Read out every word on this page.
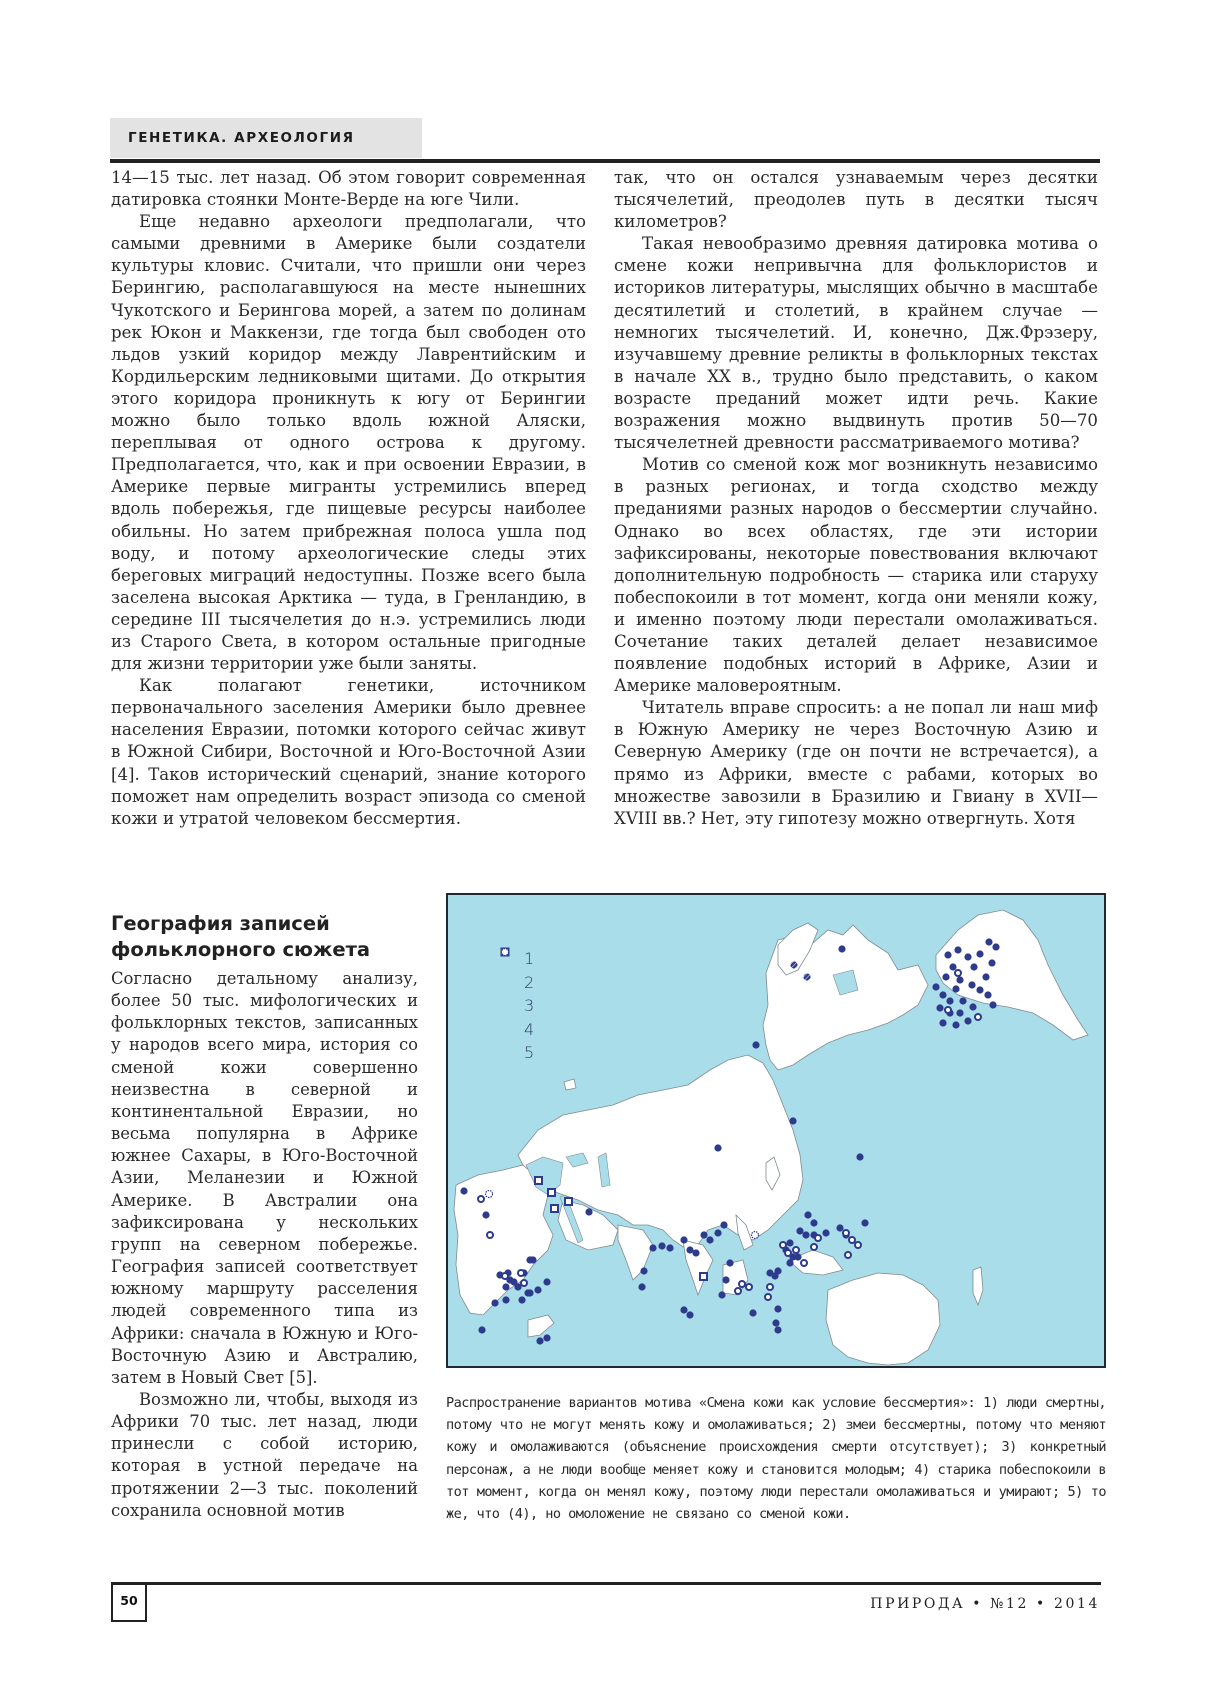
ГЕНЕТИКА. АРХЕОЛОГИЯ

14—15 тыс. лет назад. Об этом говорит современная датировка стоянки Монте-Верде на юге Чили.

Еще недавно археологи предполагали, что самыми древними в Америке были создатели культуры кловис. Считали, что пришли они через Берингию, располагавшуюся на месте нынешних Чукотского и Берингова морей, а затем по долинам рек Юкон и Маккензи, где тогда был свободен ото льдов узкий коридор между Лаврентийским и Кордильерским ледниковыми щитами. До открытия этого коридора проникнуть к югу от Берингии можно было только вдоль южной Аляски, переплывая от одного острова к другому. Предполагается, что, как и при освоении Евразии, в Америке первые мигранты устремились вперед вдоль побережья, где пищевые ресурсы наиболее обильны. Но затем прибрежная полоса ушла под воду, и потому археологические следы этих береговых миграций недоступны. Позже всего была заселена высокая Арктика — туда, в Гренландию, в середине III тысячелетия до н.э. устремились люди из Старого Света, в котором остальные пригодные для жизни территории уже были заняты.

Как полагают генетики, источником первоначального заселения Америки было древнее населения Евразии, потомки которого сейчас живут в Южной Сибири, Восточной и Юго-Восточной Азии [4]. Таков исторический сценарий, знание которого поможет нам определить возраст эпизода со сменой кожи и утратой человеком бессмертия.

так, что он остался узнаваемым через десятки тысячелетий, преодолев путь в десятки тысяч километров?

Такая невообразимо древняя датировка мотива о смене кожи непривычна для фольклористов и историков литературы, мыслящих обычно в масштабе десятилетий и столетий, в крайнем случае — немногих тысячелетий. И, конечно, Дж.Фрэзеру, изучавшему древние реликты в фольклорных текстах в начале XX в., трудно было представить, о каком возрасте преданий может идти речь. Какие возражения можно выдвинуть против 50—70 тысячелетней древности рассматриваемого мотива?

Мотив со сменой кож мог возникнуть независимо в разных регионах, и тогда сходство между преданиями разных народов о бессмертии случайно. Однако во всех областях, где эти истории зафиксированы, некоторые повествования включают дополнительную подробность — старика или старуху побеспокоили в тот момент, когда они меняли кожу, и именно поэтому люди перестали омолаживаться. Сочетание таких деталей делает независимое появление подобных историй в Африке, Азии и Америке маловероятным.

Читатель вправе спросить: а не попал ли наш миф в Южную Америку не через Восточную Азию и Северную Америку (где он почти не встречается), а прямо из Африки, вместе с рабами, которых во множестве завозили в Бразилию и Гвиану в XVII—XVIII вв.? Нет, эту гипотезу можно отвергнуть. Хотя

География записей
фольклорного сюжета

Согласно детальному анализу, более 50 тыс. мифологических и фольклорных текстов, записанных у народов всего мира, история со сменой кожи совершенно неизвестна в северной и континентальной Евразии, но весьма популярна в Африке южнее Сахары, в Юго-Восточной Азии, Меланезии и Южной Америке. В Австралии она зафиксирована у нескольких групп на северном побережье. География записей соответствует южному маршруту расселения людей современного типа из Африки: сначала в Южную и Юго-Восточную Азию и Австралию, затем в Новый Свет [5].

Возможно ли, чтобы, выходя из Африки 70 тыс. лет назад, люди принесли с собой историю, которая в устной передаче на протяжении 2—3 тыс. поколений сохранила основной мотив

1
2
3
4
5
Распространение вариантов мотива «Смена кожи как условие бессмертия»: 1) люди смертны, потому что не могут менять кожу и омолаживаться; 2) змеи бессмертны, потому что меняют кожу и омолаживаются (объяснение происхождения смерти отсутствует); 3) конкретный персонаж, а не люди вообще меняет кожу и становится молодым; 4) старика побеспокоили в тот момент, когда он менял кожу, поэтому люди перестали омолаживаться и умирают; 5) то же, что (4), но омоложение не связано со сменой кожи.
50	ПРИРОДА • №12 • 2014
